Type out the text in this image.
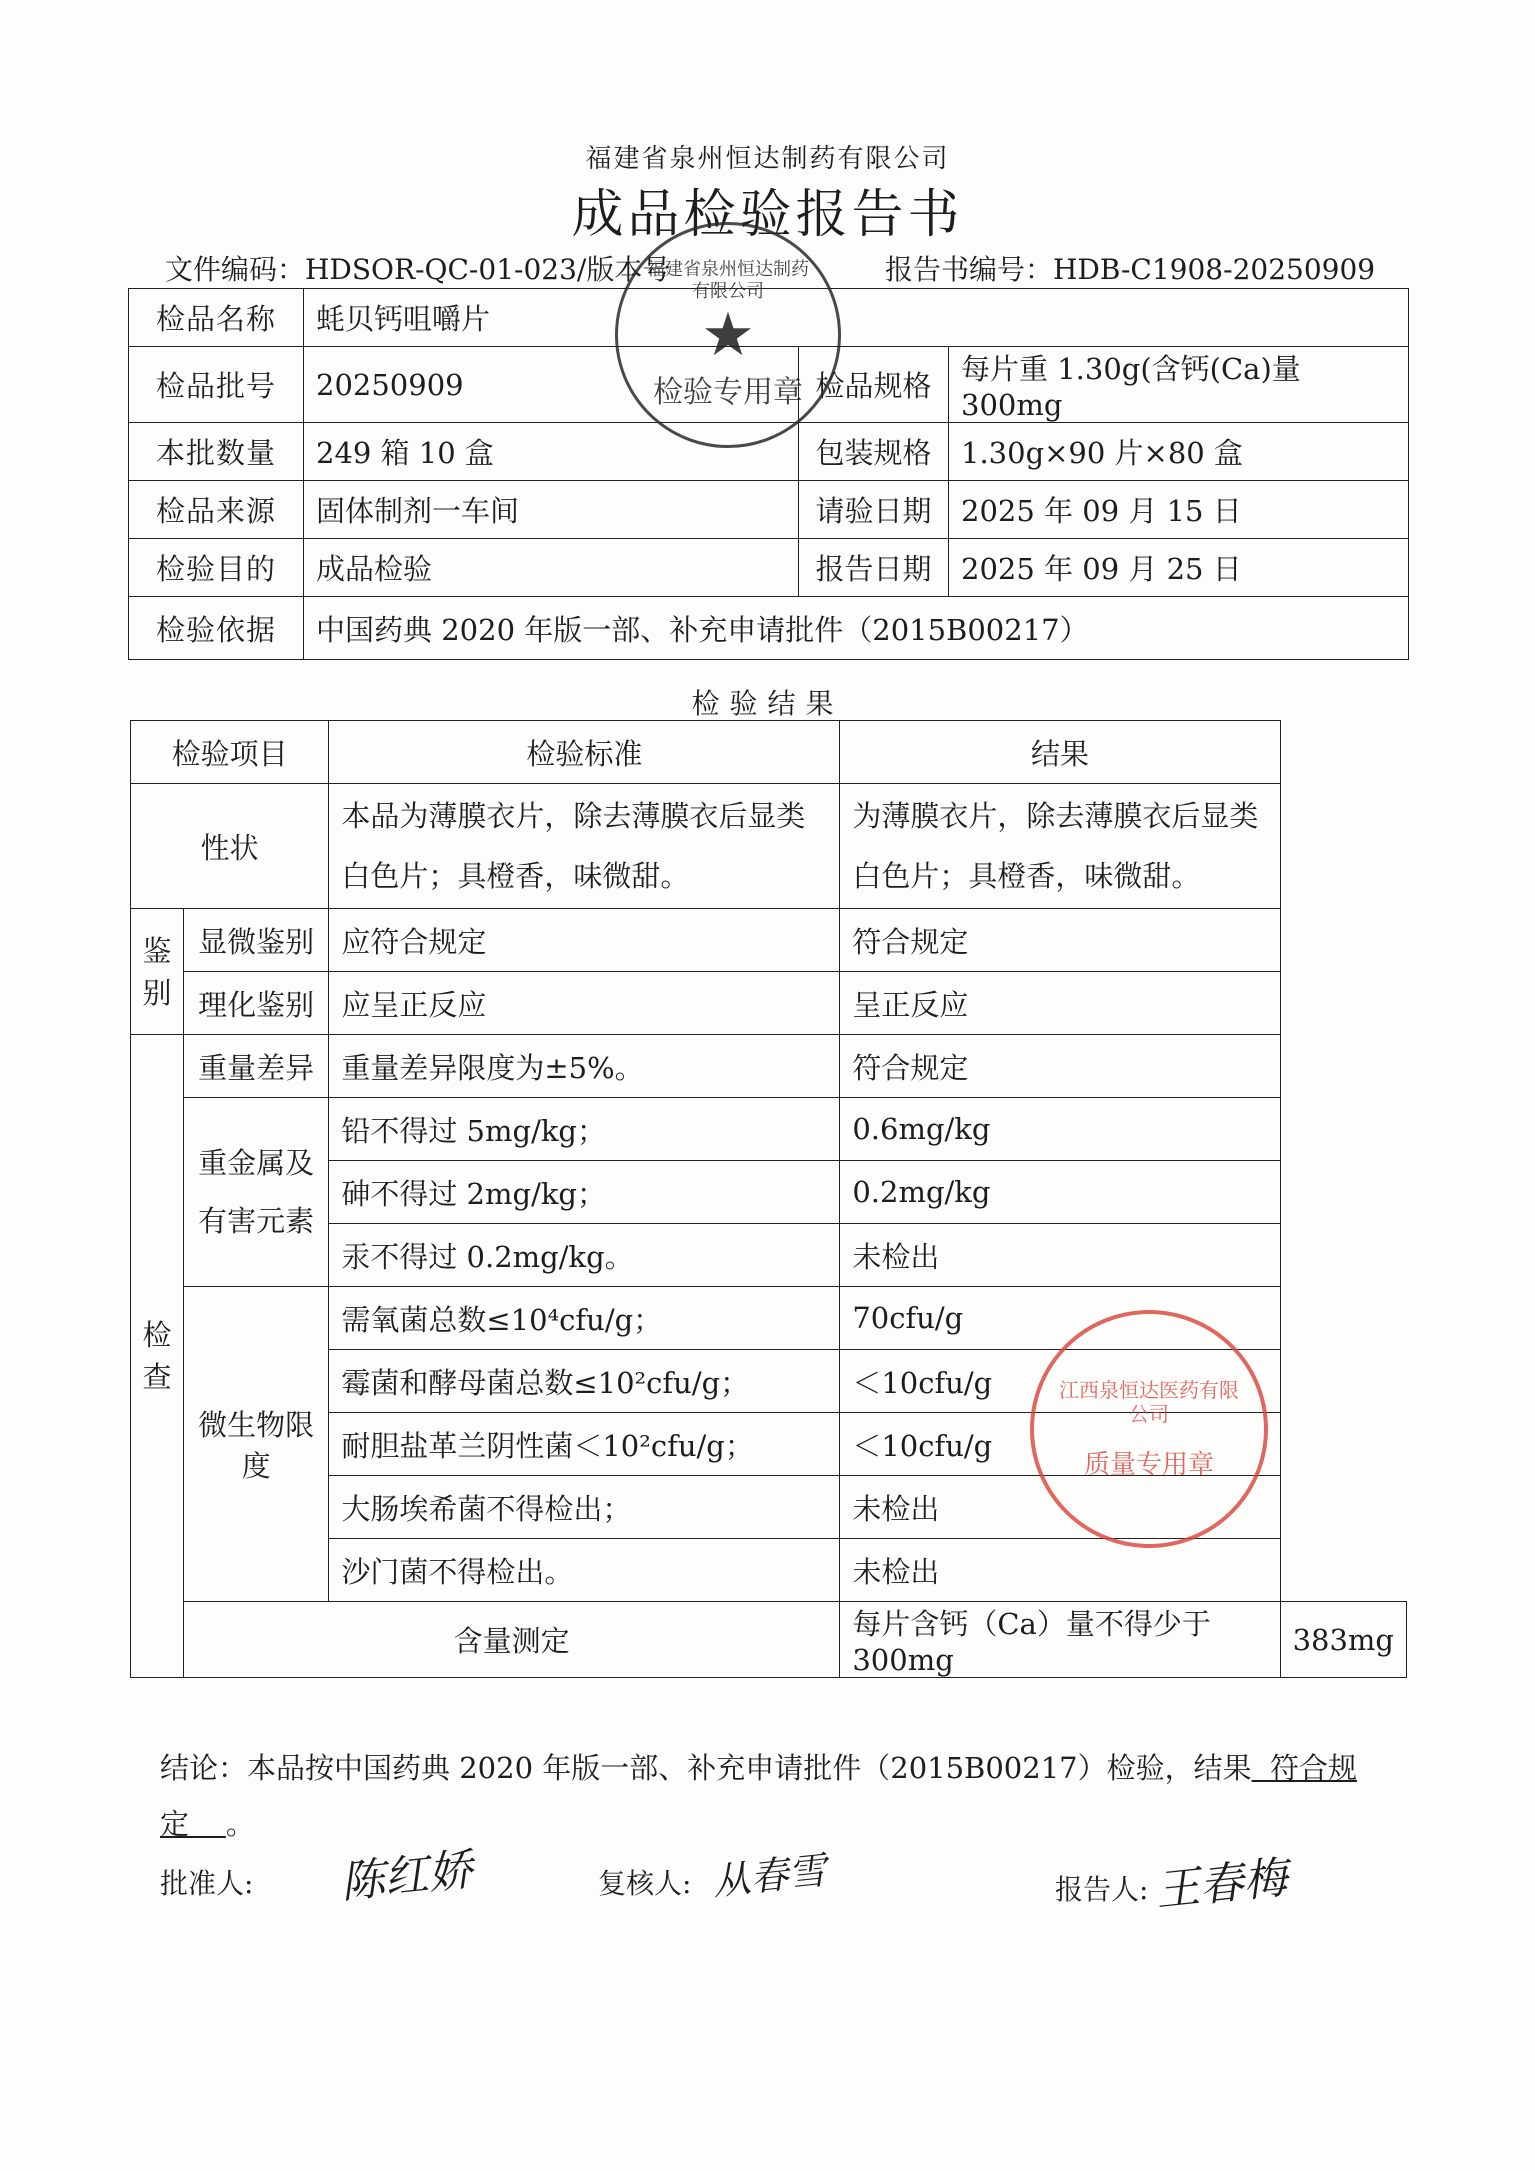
福建省泉州恒达制药有限公司
成品检验报告书
文件编码：HDSOR-QC-01-023/版本号	报告书编号：HDB-C1908-20250909
检品名称	蚝贝钙咀嚼片		
检品批号	20250909	检品规格	每片重 1.30g(含钙(Ca)量 300mg
本批数量	249 箱 10 盒	包装规格	1.30g×90 片×80 盒
检品来源	固体制剂一车间	请验日期	2025 年 09 月 15 日
检验目的	成品检验	报告日期	2025 年 09 月 25 日
检验依据	中国药典 2020 年版一部、补充申请批件（2015B00217）		
检验结果
检验项目		检验标准	结果	
性状		本品为薄膜衣片，除去薄膜衣后显类白色片；具橙香，味微甜。	为薄膜衣片，除去薄膜衣后显类白色片；具橙香，味微甜。	
鉴别	显微鉴别	应符合规定	符合规定	
	理化鉴别	应呈正反应	呈正反应	
检查	重量差异	重量差异限度为±5%。	符合规定	
	重金属及有害元素	铅不得过 5mg/kg；	0.6mg/kg	
		砷不得过 2mg/kg；	0.2mg/kg	
		汞不得过 0.2mg/kg。	未检出	
	微生物限度	需氧菌总数≤10⁴cfu/g；	70cfu/g	
		霉菌和酵母菌总数≤10²cfu/g；	＜10cfu/g	
		耐胆盐革兰阴性菌＜10²cfu/g；	＜10cfu/g	
		大肠埃希菌不得检出；	未检出	
		沙门菌不得检出。	未检出	
	含量测定		每片含钙（Ca）量不得少于 300mg	383mg
结论：本品按中国药典 2020 年版一部、补充申请批件（2015B00217）检验，结果 符合规定 。
批准人: 陈红娇	复核人: 从春雪	报告人: 王春梅
福建省泉州恒达制药有限公司
★
检验专用章
江西泉恒达医药有限公司
质量专用章
